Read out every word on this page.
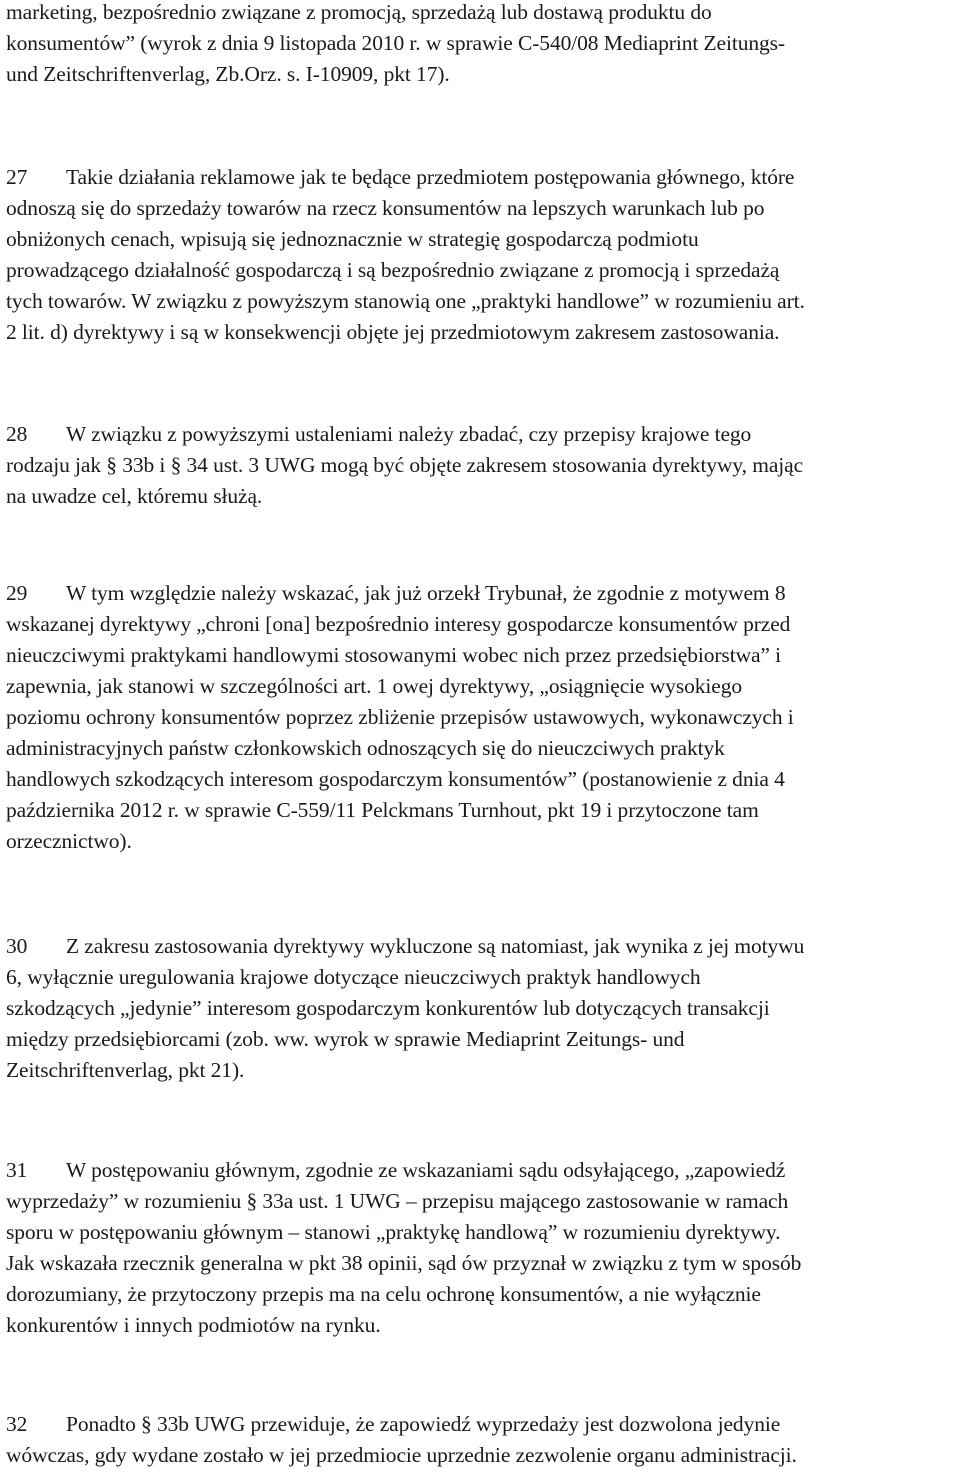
marketing, bezpośrednio związane z promocją, sprzedażą lub dostawą produktu do
konsumentów” (wyrok z dnia 9 listopada 2010 r. w sprawie C‑540/08 Mediaprint Zeitungs-
und Zeitschriftenverlag, Zb.Orz. s. I‑10909, pkt 17).
27 Takie działania reklamowe jak te będące przedmiotem postępowania głównego, które
odnoszą się do sprzedaży towarów na rzecz konsumentów na lepszych warunkach lub po
obniżonych cenach, wpisują się jednoznacznie w strategię gospodarczą podmiotu
prowadzącego działalność gospodarczą i są bezpośrednio związane z promocją i sprzedażą
tych towarów. W związku z powyższym stanowią one „praktyki handlowe” w rozumieniu art.
2 lit. d) dyrektywy i są w konsekwencji objęte jej przedmiotowym zakresem zastosowania.
28 W związku z powyższymi ustaleniami należy zbadać, czy przepisy krajowe tego
rodzaju jak § 33b i § 34 ust. 3 UWG mogą być objęte zakresem stosowania dyrektywy, mając
na uwadze cel, któremu służą.
29 W tym względzie należy wskazać, jak już orzekł Trybunał, że zgodnie z motywem 8
wskazanej dyrektywy „chroni [ona] bezpośrednio interesy gospodarcze konsumentów przed
nieuczciwymi praktykami handlowymi stosowanymi wobec nich przez przedsiębiorstwa” i
zapewnia, jak stanowi w szczególności art. 1 owej dyrektywy, „osiągnięcie wysokiego
poziomu ochrony konsumentów poprzez zbliżenie przepisów ustawowych, wykonawczych i
administracyjnych państw członkowskich odnoszących się do nieuczciwych praktyk
handlowych szkodzących interesom gospodarczym konsumentów” (postanowienie z dnia 4
października 2012 r. w sprawie C‑559/11 Pelckmans Turnhout, pkt 19 i przytoczone tam
orzecznictwo).
30 Z zakresu zastosowania dyrektywy wykluczone są natomiast, jak wynika z jej motywu
6, wyłącznie uregulowania krajowe dotyczące nieuczciwych praktyk handlowych
szkodzących „jedynie” interesom gospodarczym konkurentów lub dotyczących transakcji
między przedsiębiorcami (zob. ww. wyrok w sprawie Mediaprint Zeitungs- und
Zeitschriftenverlag, pkt 21).
31 W postępowaniu głównym, zgodnie ze wskazaniami sądu odsyłającego, „zapowiedź
wyprzedaży” w rozumieniu § 33a ust. 1 UWG – przepisu mającego zastosowanie w ramach
sporu w postępowaniu głównym – stanowi „praktykę handlową” w rozumieniu dyrektywy.
Jak wskazała rzecznik generalna w pkt 38 opinii, sąd ów przyznał w związku z tym w sposób
dorozumiany, że przytoczony przepis ma na celu ochronę konsumentów, a nie wyłącznie
konkurentów i innych podmiotów na rynku.
32 Ponadto § 33b UWG przewiduje, że zapowiedź wyprzedaży jest dozwolona jedynie
wówczas, gdy wydane zostało w jej przedmiocie uprzednie zezwolenie organu administracji.
